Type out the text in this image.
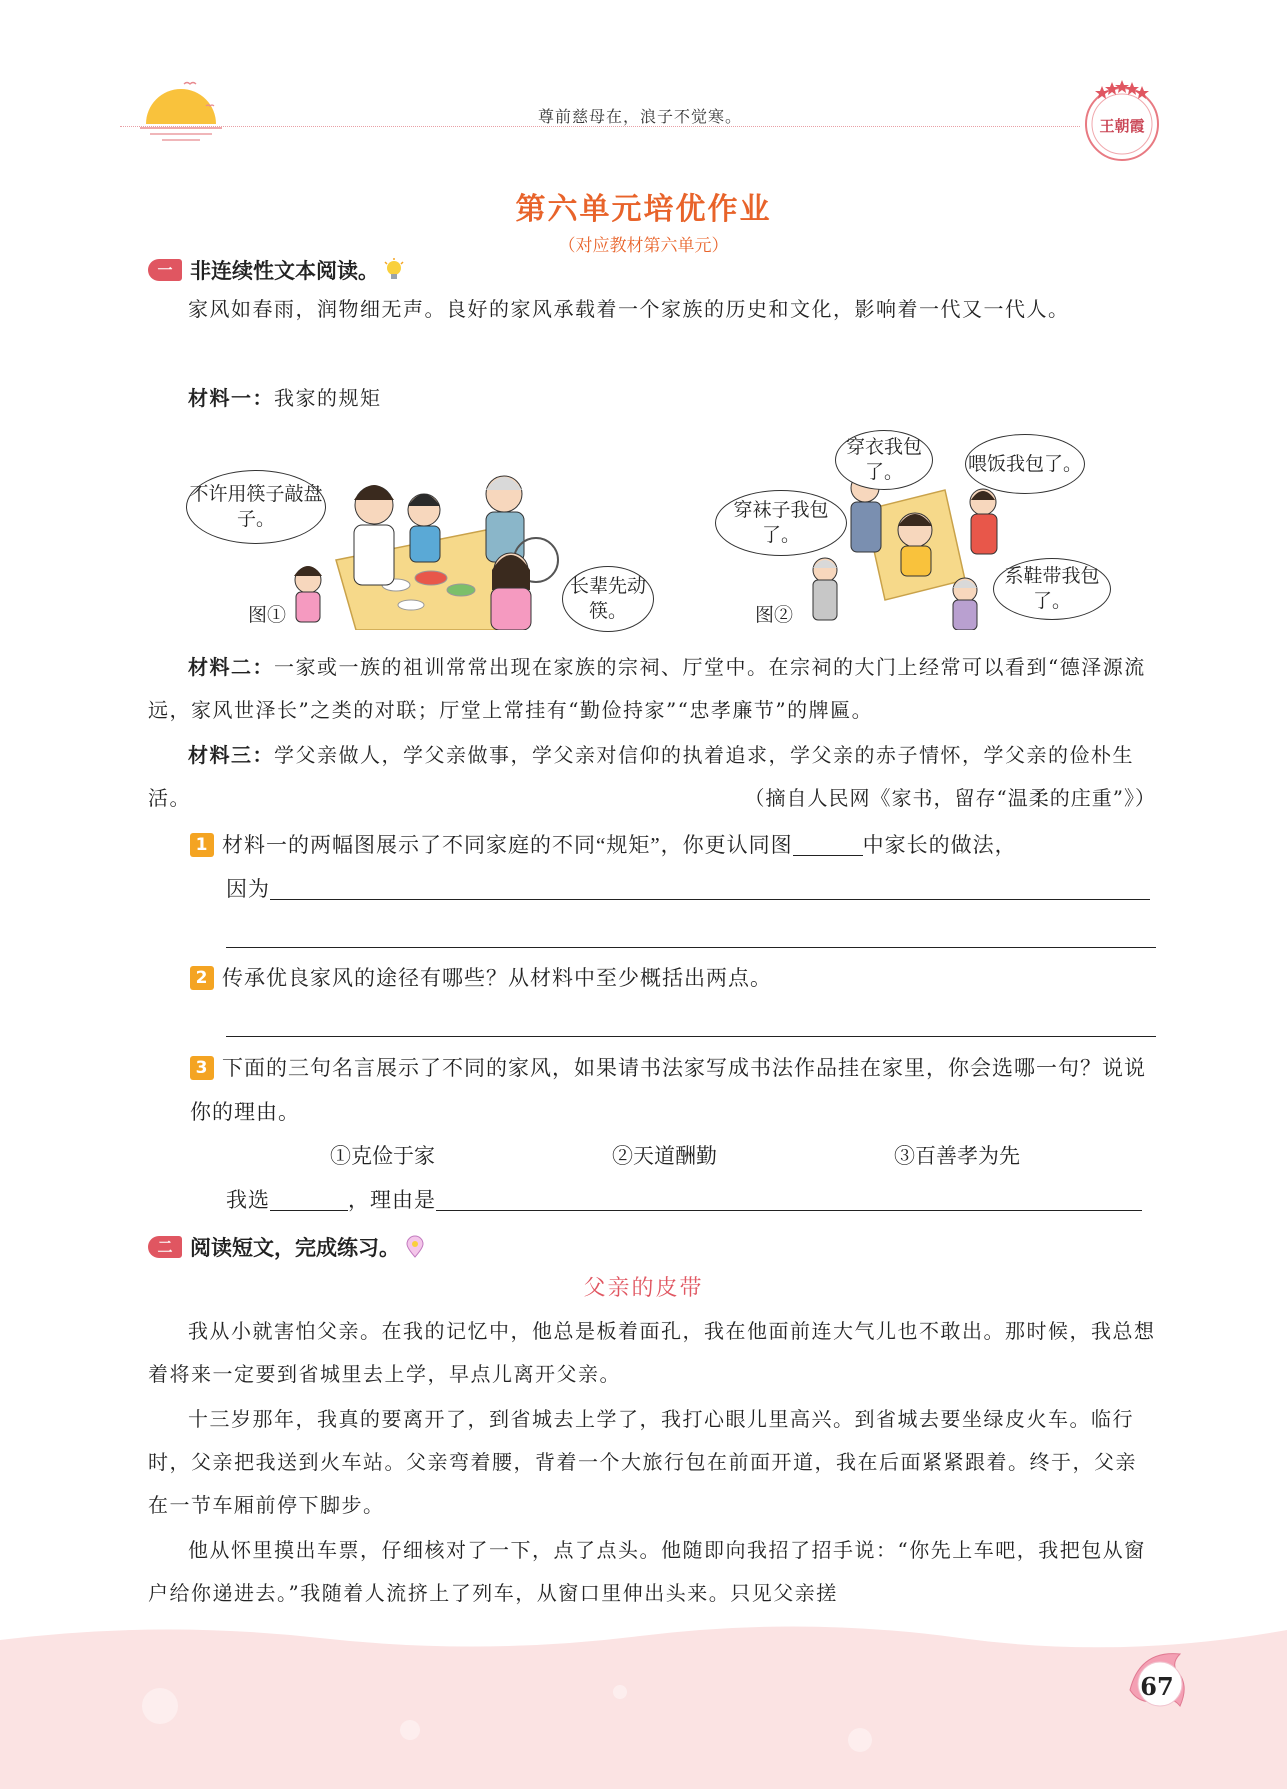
尊前慈母在，浪子不觉寒。	王朝霞
第六单元培优作业
（对应教材第六单元）
一 非连续性文本阅读。
家风如春雨，润物细无声。良好的家风承载着一个家族的历史和文化，影响着一代又一代人。
材料一：我家的规矩
不许用筷子敲盘子。
长辈先动筷。
图①
穿衣我包了。	喂饭我包了。
穿袜子我包了。
系鞋带我包了。
图②
材料二：一家或一族的祖训常常出现在家族的宗祠、厅堂中。在宗祠的大门上经常可以看到“德泽源流远，家风世泽长”之类的对联；厅堂上常挂有“勤俭持家”“忠孝廉节”的牌匾。
材料三：学父亲做人，学父亲做事，学父亲对信仰的执着追求，学父亲的赤子情怀，学父亲的俭朴生活。	（摘自人民网《家书，留存“温柔的庄重”》）
1 材料一的两幅图展示了不同家庭的不同“规矩”，你更认同图	中家长的做法，
因为
2 传承优良家风的途径有哪些？从材料中至少概括出两点。
3 下面的三句名言展示了不同的家风，如果请书法家写成书法作品挂在家里，你会选哪一句？说说你的理由。
①克俭于家	②天道酬勤	③百善孝为先
我选	，理由是
二 阅读短文，完成练习。
父亲的皮带
我从小就害怕父亲。在我的记忆中，他总是板着面孔，我在他面前连大气儿也不敢出。那时候，我总想着将来一定要到省城里去上学，早点儿离开父亲。
十三岁那年，我真的要离开了，到省城去上学了，我打心眼儿里高兴。到省城去要坐绿皮火车。临行时，父亲把我送到火车站。父亲弯着腰，背着一个大旅行包在前面开道，我在后面紧紧跟着。终于，父亲在一节车厢前停下脚步。
他从怀里摸出车票，仔细核对了一下，点了点头。他随即向我招了招手说：“你先上车吧，我把包从窗户给你递进去。”我随着人流挤上了列车，从窗口里伸出头来。只见父亲搓
67
